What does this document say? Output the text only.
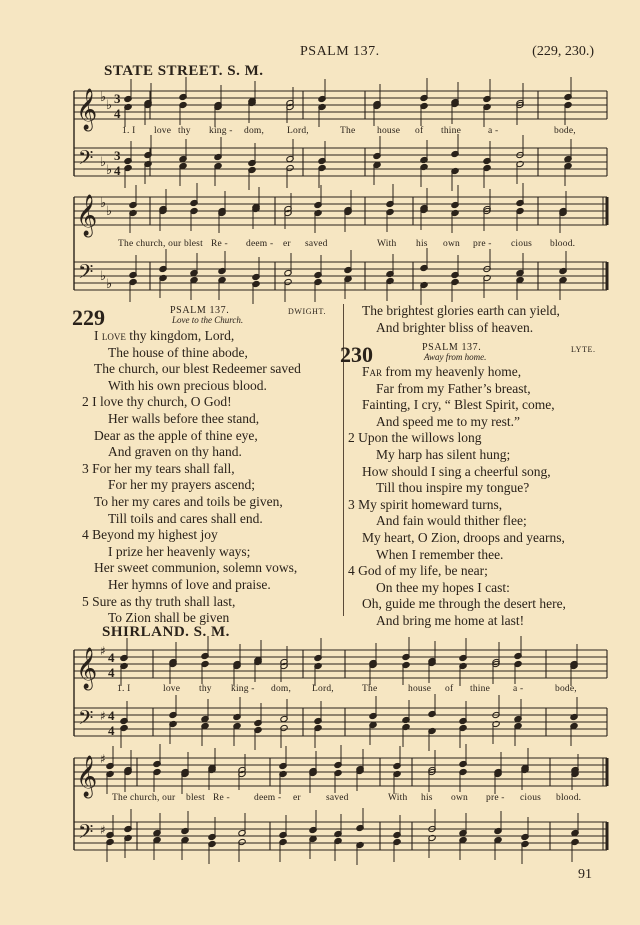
PSALM 137.	(229, 230.)
STATE STREET. S. M.
𝄞
𝄢
♭
♭
♭
♭
3
4
3
4
𝄞
𝄢
♭
♭
♭
♭
𝄞
𝄢
♯
♯
4
4
4
4
𝄞
𝄢
♯
♯
1. I love thy king - dom, Lord,	The house of thine	a -	bode,
The church, our blest Re - deem - er saved	With his own pre - cious blood.
229	PSALM 137.	DWIGHT.
Love to the Church.
I love thy kingdom, Lord,
The house of thine abode,
The church, our blest Redeemer saved
With his own precious blood.
2 I love thy church, O God!
Her walls before thee stand,
Dear as the apple of thine eye,
And graven on thy hand.
3 For her my tears shall fall,
For her my prayers ascend;
To her my cares and toils be given,
Till toils and cares shall end.
4 Beyond my highest joy
I prize her heavenly ways;
Her sweet communion, solemn vows,
Her hymns of love and praise.
5 Sure as thy truth shall last,
To Zion shall be given
The brightest glories earth can yield,
And brighter bliss of heaven.
230	PSALM 137.	LYTE.
Away from home.
Far from my heavenly home,
Far from my Father’s breast,
Fainting, I cry, “ Blest Spirit, come,
And speed me to my rest.”
2 Upon the willows long
My harp has silent hung;
How should I sing a cheerful song,
Till thou inspire my tongue?
3 My spirit homeward turns,
And fain would thither flee;
My heart, O Zion, droops and yearns,
When I remember thee.
4 God of my life, be near;
On thee my hopes I cast:
Oh, guide me through the desert here,
And bring me home at last!
SHIRLAND. S. M.
1. I	love thy king - dom, Lord,	The	house of thine a -	bode,
The church, our blest Re -	deem - er	saved	With his own pre - cious blood.
91
